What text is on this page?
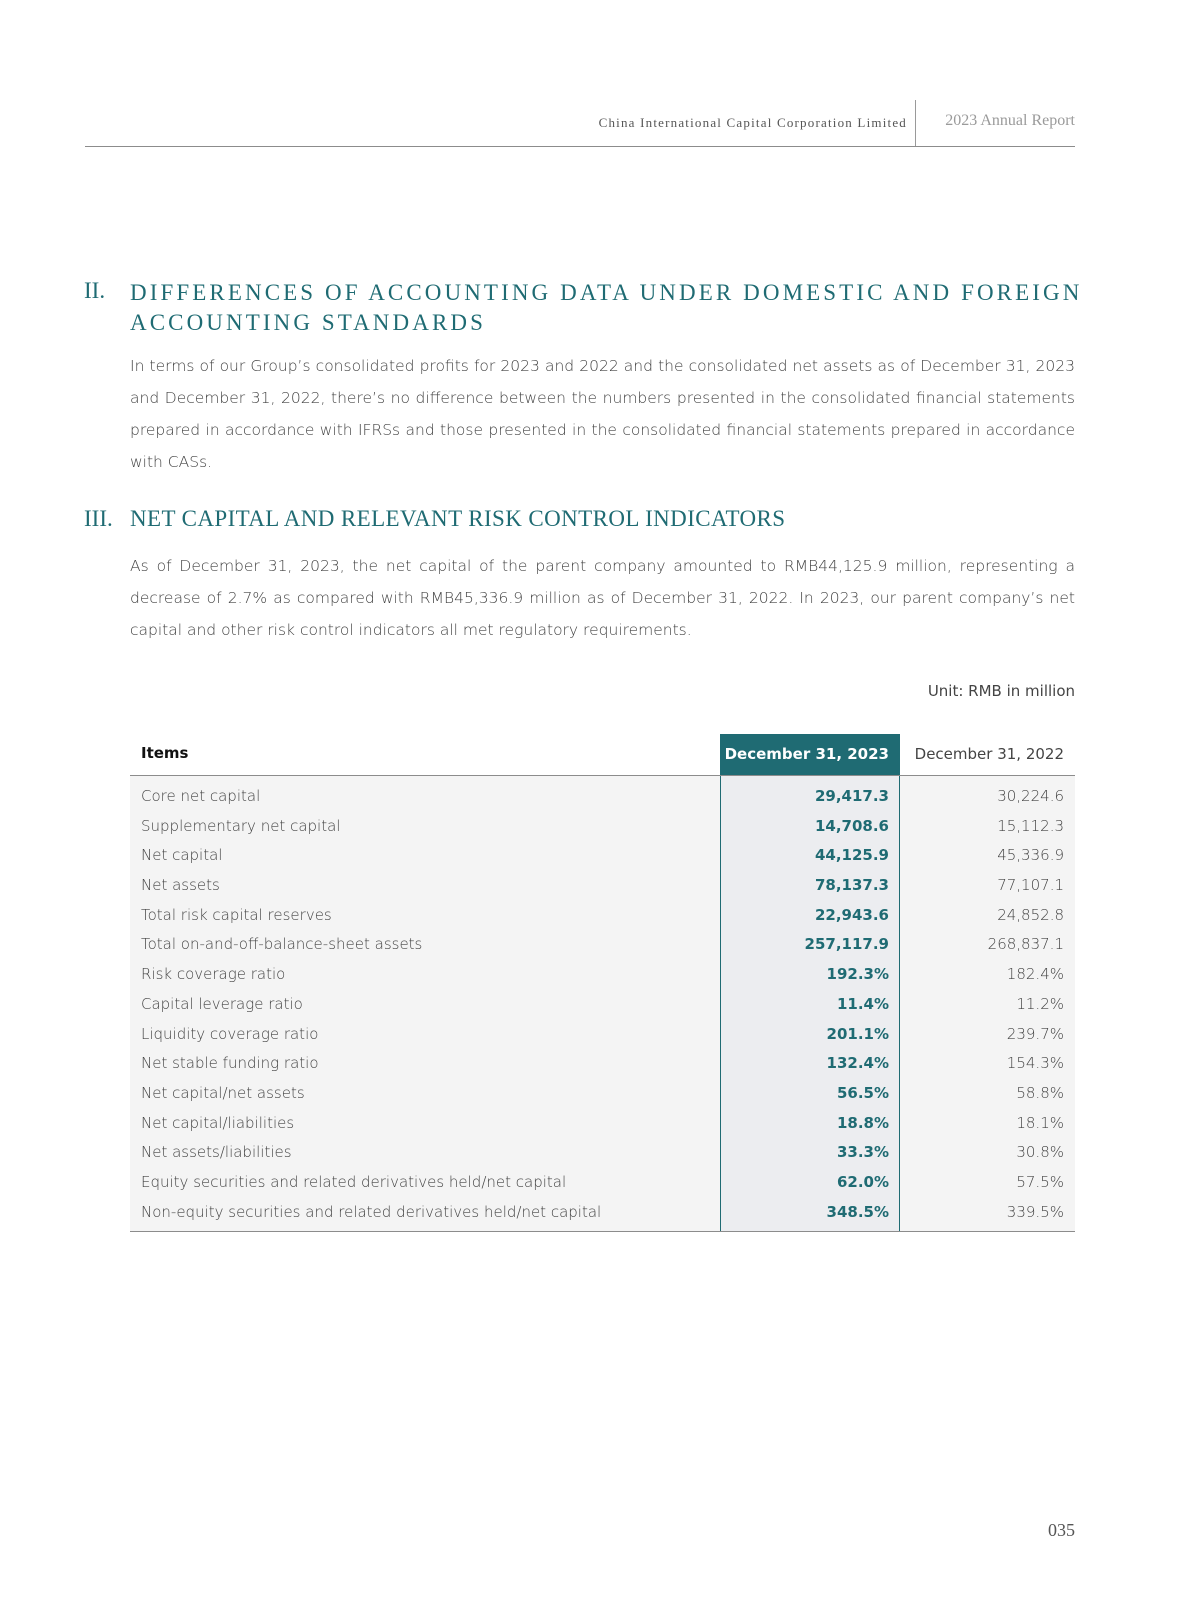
China International Capital Corporation Limited 2023 Annual Report
II. DIFFERENCES OF ACCOUNTING DATA UNDER DOMESTIC AND FOREIGN
ACCOUNTING STANDARDS

In terms of our Group’s consolidated profits for 2023 and 2022 and the consolidated net assets as of December 31, 2023 and December 31, 2022, there’s no difference between the numbers presented in the consolidated financial statements prepared in accordance with IFRSs and those presented in the consolidated financial statements prepared in accordance with CASs.

III. NET CAPITAL AND RELEVANT RISK CONTROL INDICATORS

As of December 31, 2023, the net capital of the parent company amounted to RMB44,125.9 million, representing a decrease of 2.7% as compared with RMB45,336.9 million as of December 31, 2022. In 2023, our parent company’s net capital and other risk control indicators all met regulatory requirements.

Unit: RMB in million
Items	December 31, 2023	December 31, 2022
Core net capital	29,417.3	30,224.6
Supplementary net capital	14,708.6	15,112.3
Net capital	44,125.9	45,336.9
Net assets	78,137.3	77,107.1
Total risk capital reserves	22,943.6	24,852.8
Total on-and-off-balance-sheet assets	257,117.9	268,837.1
Risk coverage ratio	192.3%	182.4%
Capital leverage ratio	11.4%	11.2%
Liquidity coverage ratio	201.1%	239.7%
Net stable funding ratio	132.4%	154.3%
Net capital/net assets	56.5%	58.8%
Net capital/liabilities	18.8%	18.1%
Net assets/liabilities	33.3%	30.8%
Equity securities and related derivatives held/net capital	62.0%	57.5%
Non-equity securities and related derivatives held/net capital	348.5%	339.5%
035
